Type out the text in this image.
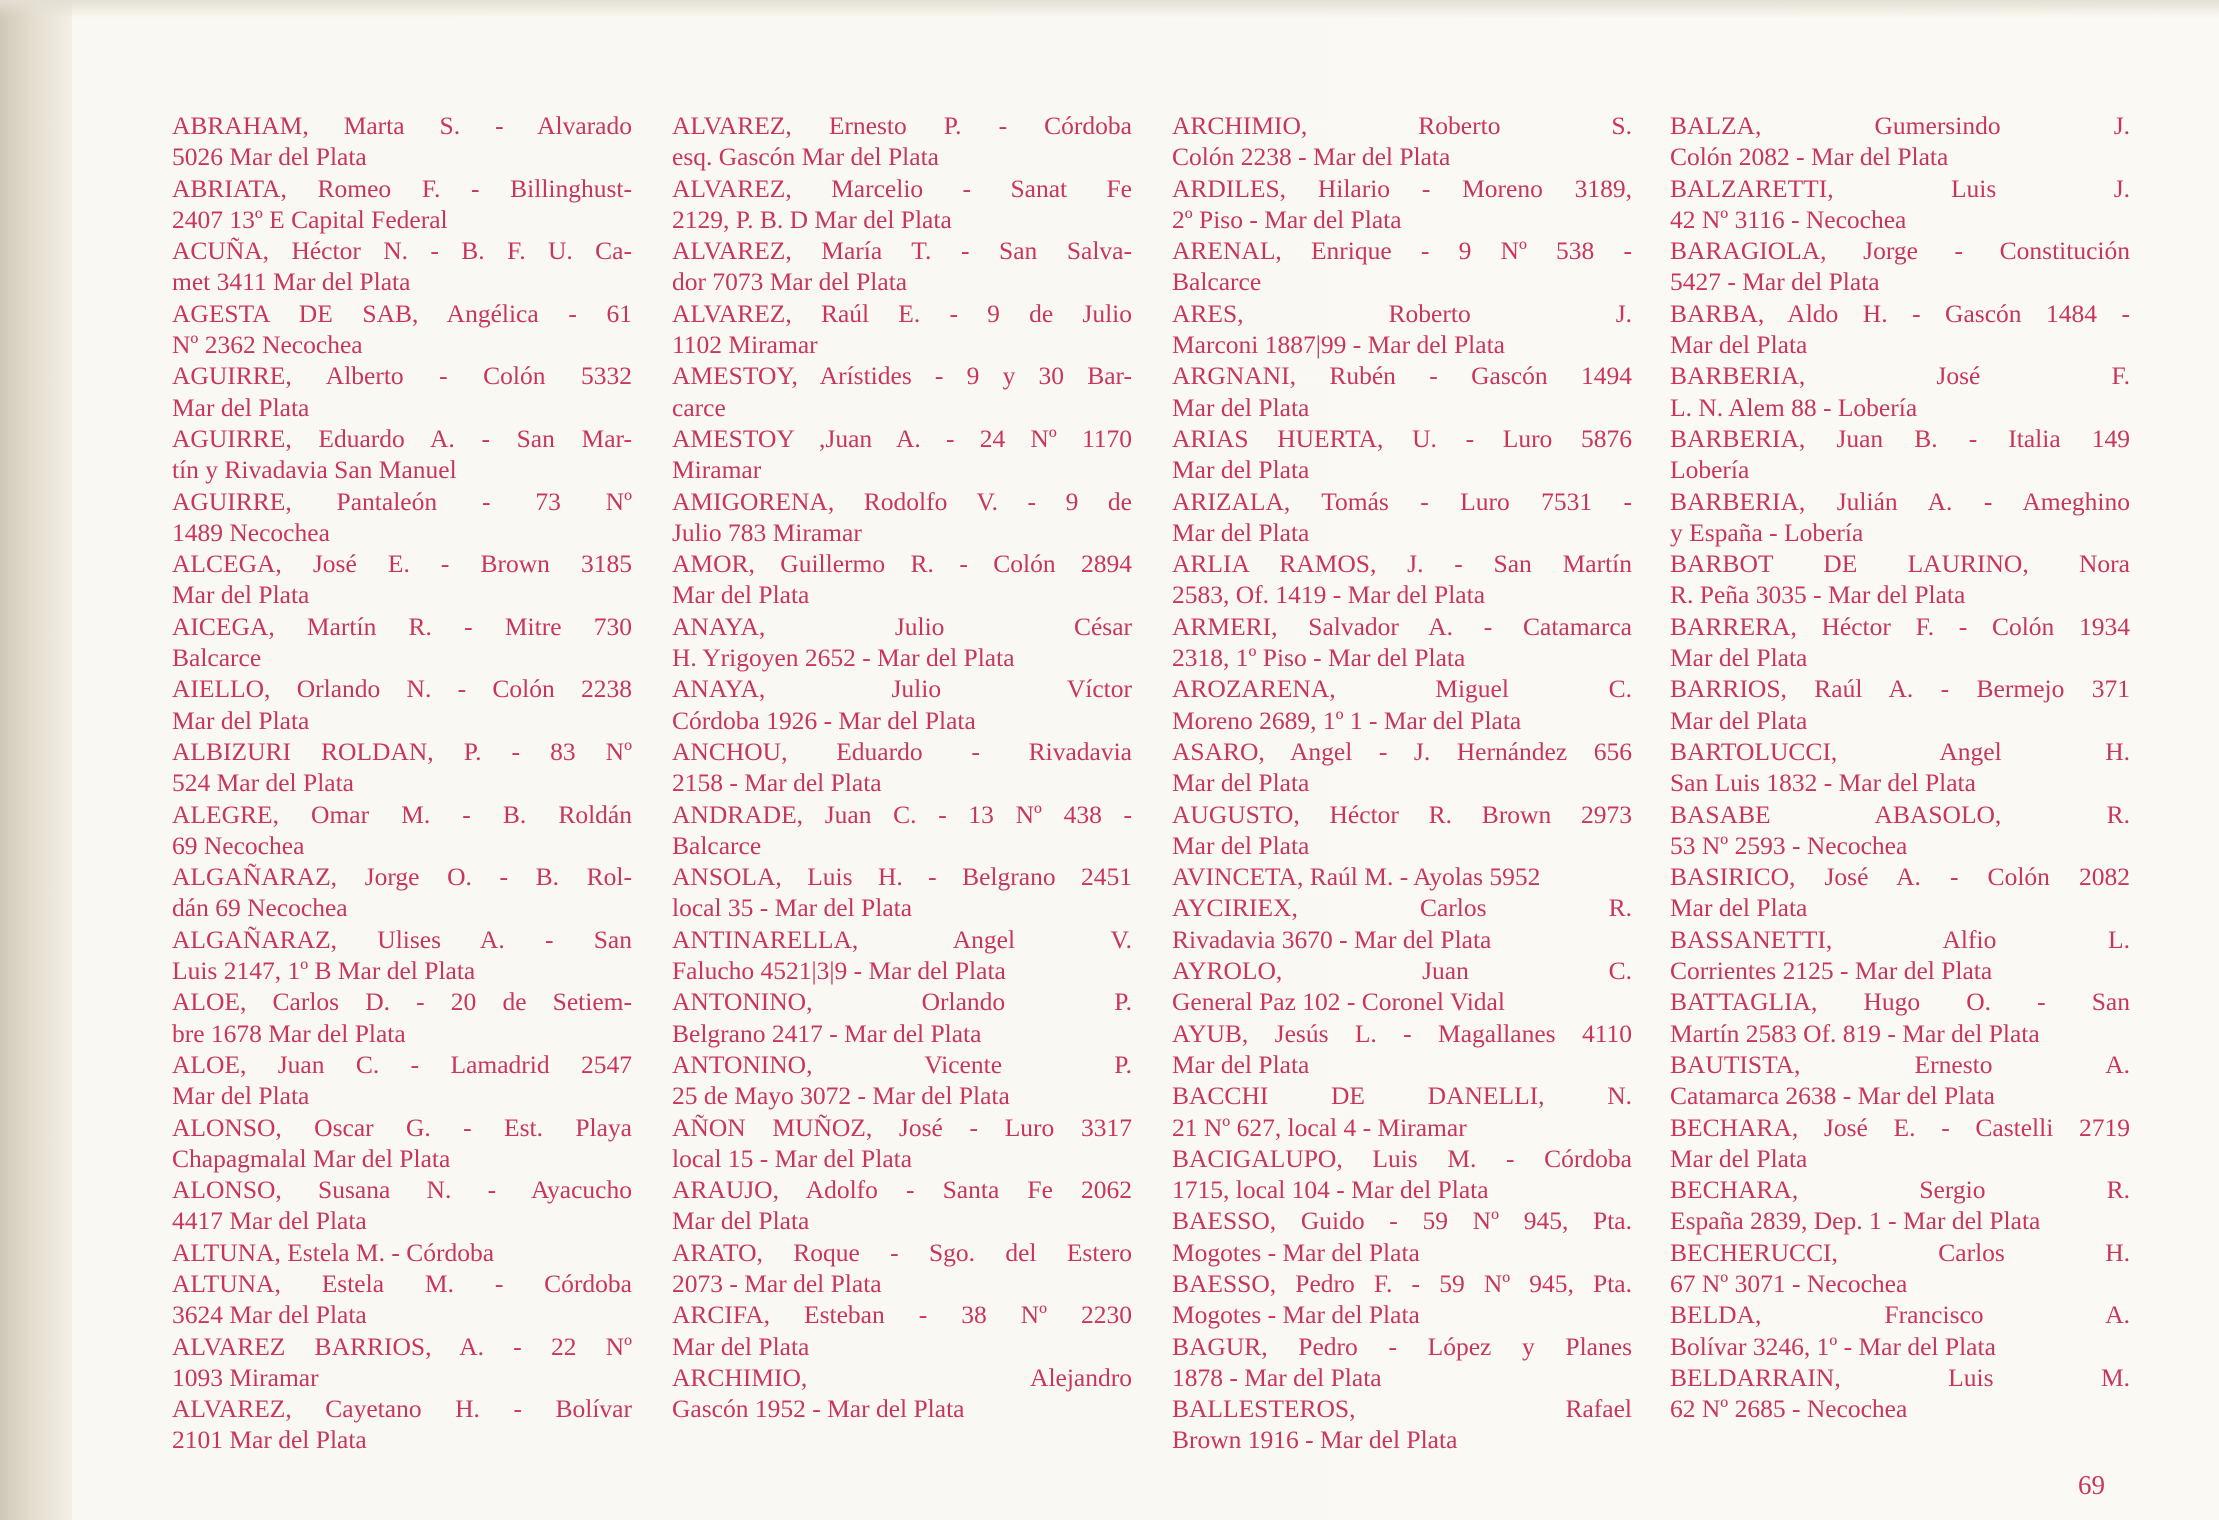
ABRAHAM, Marta S. - Alvarado
5026 Mar del Plata
ABRIATA, Romeo F. - Billinghust-
2407 13º E Capital Federal
ACUÑA, Héctor N. - B. F. U. Ca-
met 3411 Mar del Plata
AGESTA DE SAB, Angélica - 61
Nº 2362 Necochea
AGUIRRE, Alberto - Colón 5332
Mar del Plata
AGUIRRE, Eduardo A. - San Mar-
tín y Rivadavia San Manuel
AGUIRRE, Pantaleón - 73 Nº
1489 Necochea
ALCEGA, José E. - Brown 3185
Mar del Plata
AICEGA, Martín R. - Mitre 730
Balcarce
AIELLO, Orlando N. - Colón 2238
Mar del Plata
ALBIZURI ROLDAN, P. - 83 Nº
524 Mar del Plata
ALEGRE, Omar M. - B. Roldán
69 Necochea
ALGAÑARAZ, Jorge O. - B. Rol-
dán 69 Necochea
ALGAÑARAZ, Ulises A. - San
Luis 2147, 1º B Mar del Plata
ALOE, Carlos D. - 20 de Setiem-
bre 1678 Mar del Plata
ALOE, Juan C. - Lamadrid 2547
Mar del Plata
ALONSO, Oscar G. - Est. Playa
Chapagmalal Mar del Plata
ALONSO, Susana N. - Ayacucho
4417 Mar del Plata
ALTUNA, Estela M. - Córdoba
ALTUNA, Estela M. - Córdoba
3624 Mar del Plata
ALVAREZ BARRIOS, A. - 22 Nº
1093 Miramar
ALVAREZ, Cayetano H. - Bolívar
2101 Mar del Plata
ALVAREZ, Ernesto P. - Córdoba
esq. Gascón Mar del Plata
ALVAREZ, Marcelio - Sanat Fe
2129, P. B. D Mar del Plata
ALVAREZ, María T. - San Salva-
dor 7073 Mar del Plata
ALVAREZ, Raúl E. - 9 de Julio
1102 Miramar
AMESTOY, Arístides - 9 y 30 Bar-
carce
AMESTOY ,Juan A. - 24 Nº 1170
Miramar
AMIGORENA, Rodolfo V. - 9 de
Julio 783 Miramar
AMOR, Guillermo R. - Colón 2894
Mar del Plata
ANAYA, Julio César
H. Yrigoyen 2652 - Mar del Plata
ANAYA, Julio Víctor
Córdoba 1926 - Mar del Plata
ANCHOU, Eduardo - Rivadavia
2158 - Mar del Plata
ANDRADE, Juan C. - 13 Nº 438 -
Balcarce
ANSOLA, Luis H. - Belgrano 2451
local 35 - Mar del Plata
ANTINARELLA, Angel V.
Falucho 4521|3|9 - Mar del Plata
ANTONINO, Orlando P.
Belgrano 2417 - Mar del Plata
ANTONINO, Vicente P.
25 de Mayo 3072 - Mar del Plata
AÑON MUÑOZ, José - Luro 3317
local 15 - Mar del Plata
ARAUJO, Adolfo - Santa Fe 2062
Mar del Plata
ARATO, Roque - Sgo. del Estero
2073 - Mar del Plata
ARCIFA, Esteban - 38 Nº 2230
Mar del Plata
ARCHIMIO, Alejandro
Gascón 1952 - Mar del Plata
ARCHIMIO, Roberto S.
Colón 2238 - Mar del Plata
ARDILES, Hilario - Moreno 3189,
2º Piso - Mar del Plata
ARENAL, Enrique - 9 Nº 538 -
Balcarce
ARES, Roberto J.
Marconi 1887|99 - Mar del Plata
ARGNANI, Rubén - Gascón 1494
Mar del Plata
ARIAS HUERTA, U. - Luro 5876
Mar del Plata
ARIZALA, Tomás - Luro 7531 -
Mar del Plata
ARLIA RAMOS, J. - San Martín
2583, Of. 1419 - Mar del Plata
ARMERI, Salvador A. - Catamarca
2318, 1º Piso - Mar del Plata
AROZARENA, Miguel C.
Moreno 2689, 1º 1 - Mar del Plata
ASARO, Angel - J. Hernández 656
Mar del Plata
AUGUSTO, Héctor R. Brown 2973
Mar del Plata
AVINCETA, Raúl M. - Ayolas 5952
AYCIRIEX, Carlos R.
Rivadavia 3670 - Mar del Plata
AYROLO, Juan C.
General Paz 102 - Coronel Vidal
AYUB, Jesús L. - Magallanes 4110
Mar del Plata
BACCHI DE DANELLI, N.
21 Nº 627, local 4 - Miramar
BACIGALUPO, Luis M. - Córdoba
1715, local 104 - Mar del Plata
BAESSO, Guido - 59 Nº 945, Pta.
Mogotes - Mar del Plata
BAESSO, Pedro F. - 59 Nº 945, Pta.
Mogotes - Mar del Plata
BAGUR, Pedro - López y Planes
1878 - Mar del Plata
BALLESTEROS, Rafael
Brown 1916 - Mar del Plata
BALZA, Gumersindo J.
Colón 2082 - Mar del Plata
BALZARETTI, Luis J.
42 Nº 3116 - Necochea
BARAGIOLA, Jorge - Constitución
5427 - Mar del Plata
BARBA, Aldo H. - Gascón 1484 -
Mar del Plata
BARBERIA, José F.
L. N. Alem 88 - Lobería
BARBERIA, Juan B. - Italia 149
Lobería
BARBERIA, Julián A. - Ameghino
y España - Lobería
BARBOT DE LAURINO, Nora
R. Peña 3035 - Mar del Plata
BARRERA, Héctor F. - Colón 1934
Mar del Plata
BARRIOS, Raúl A. - Bermejo 371
Mar del Plata
BARTOLUCCI, Angel H.
San Luis 1832 - Mar del Plata
BASABE ABASOLO, R.
53 Nº 2593 - Necochea
BASIRICO, José A. - Colón 2082
Mar del Plata
BASSANETTI, Alfio L.
Corrientes 2125 - Mar del Plata
BATTAGLIA, Hugo O. - San
Martín 2583 Of. 819 - Mar del Plata
BAUTISTA, Ernesto A.
Catamarca 2638 - Mar del Plata
BECHARA, José E. - Castelli 2719
Mar del Plata
BECHARA, Sergio R.
España 2839, Dep. 1 - Mar del Plata
BECHERUCCI, Carlos H.
67 Nº 3071 - Necochea
BELDA, Francisco A.
Bolívar 3246, 1º - Mar del Plata
BELDARRAIN, Luis M.
62 Nº 2685 - Necochea
69
